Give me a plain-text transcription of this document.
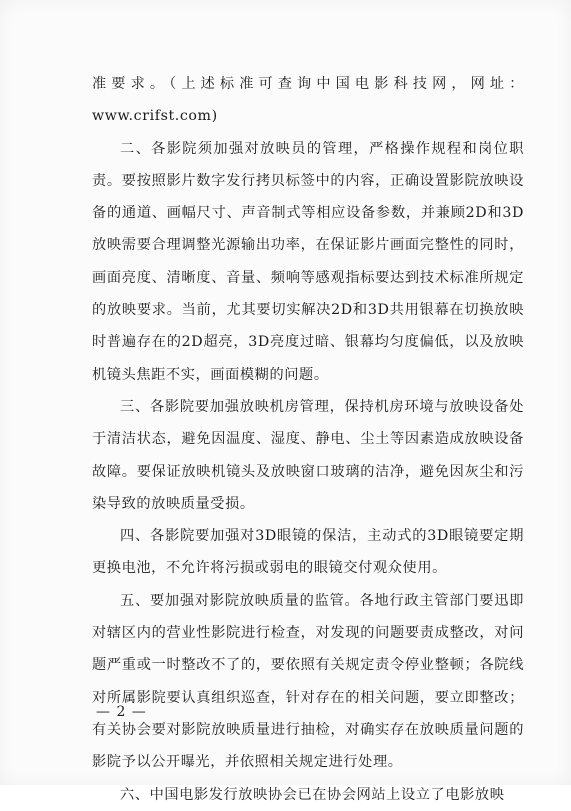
准要求。（上述标准可查询中国电影科技网，网址：www.crifst.com)

二、各影院须加强对放映员的管理，严格操作规程和岗位职责。要按照影片数字发行拷贝标签中的内容，正确设置影院放映设备的通道、画幅尺寸、声音制式等相应设备参数，并兼顾2D和3D放映需要合理调整光源输出功率，在保证影片画面完整性的同时，画面亮度、清晰度、音量、频响等感观指标要达到技术标准所规定的放映要求。当前，尤其要切实解决2D和3D共用银幕在切换放映时普遍存在的2D超亮，3D亮度过暗、银幕均匀度偏低，以及放映机镜头焦距不实，画面模糊的问题。

三、各影院要加强放映机房管理，保持机房环境与放映设备处于清洁状态，避免因温度、湿度、静电、尘土等因素造成放映设备故障。要保证放映机镜头及放映窗口玻璃的洁净，避免因灰尘和污染导致的放映质量受损。

四、各影院要加强对3D眼镜的保洁，主动式的3D眼镜要定期更换电池，不允许将污损或弱电的眼镜交付观众使用。

五、要加强对影院放映质量的监管。各地行政主管部门要迅即对辖区内的营业性影院进行检查，对发现的问题要责成整改，对问题严重或一时整改不了的，要依照有关规定责令停业整顿；各院线对所属影院要认真组织巡查，针对存在的相关问题，要立即整改；有关协会要对影院放映质量进行抽检，对确实存在放映质量问题的影院予以公开曝光，并依照相关规定进行处理。

六、中国电影发行放映协会已在协会网站上设立了电影放映

— 2 —
